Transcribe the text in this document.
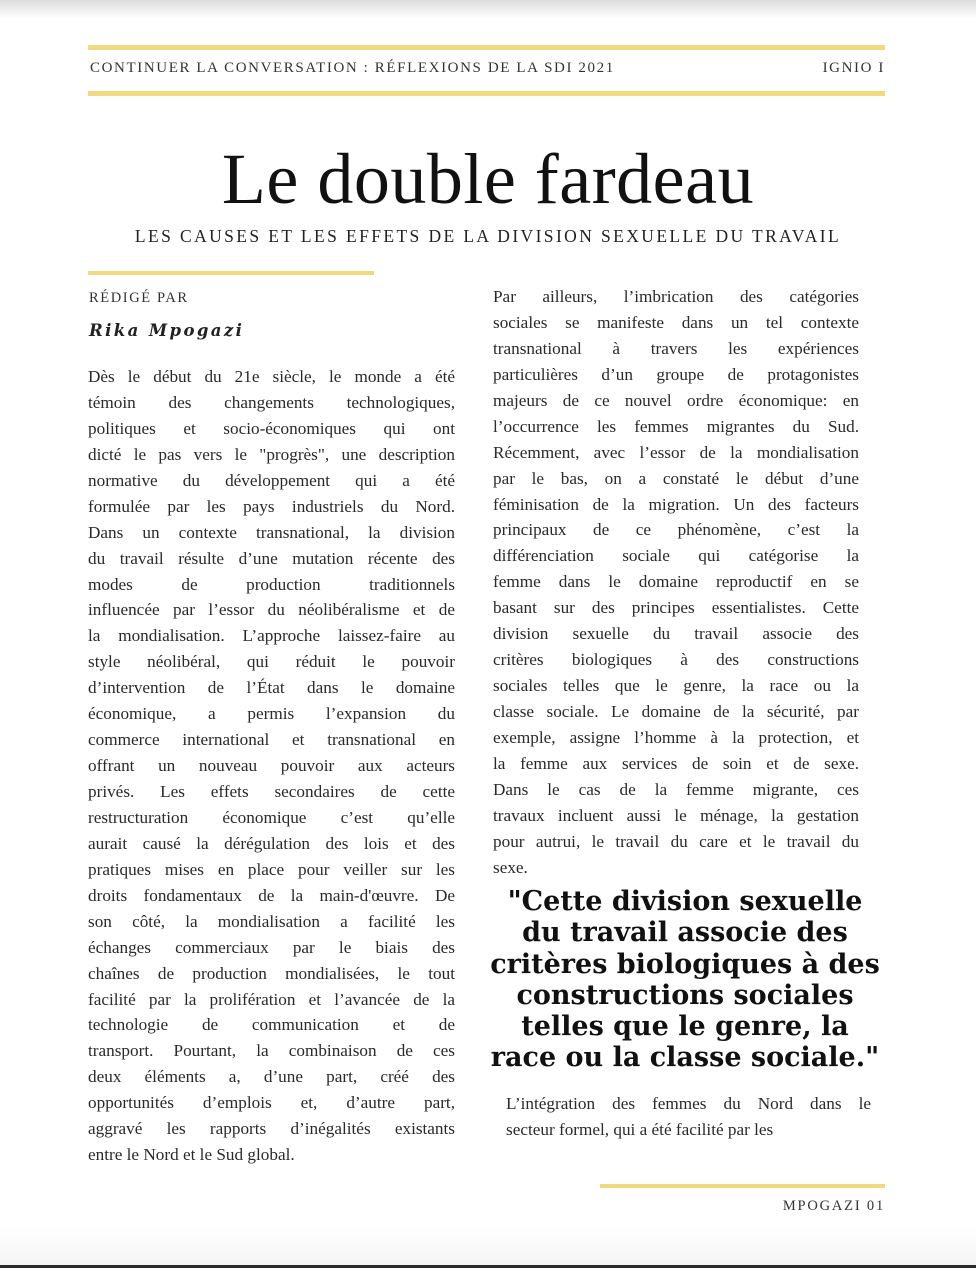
CONTINUER LA CONVERSATION : RÉFLEXIONS DE LA SDI 2021	IGNIO I
Le double fardeau
LES CAUSES ET LES EFFETS DE LA DIVISION SEXUELLE DU TRAVAIL
RÉDIGÉ PAR
Rika Mpogazi
Dès le début du 21e siècle, le monde a été
témoin des changements technologiques,
politiques et socio-économiques qui ont
dicté le pas vers le "progrès", une description
normative du développement qui a été
formulée par les pays industriels du Nord.
Dans un contexte transnational, la division
du travail résulte d’une mutation récente des
modes de production traditionnels
influencée par l’essor du néolibéralisme et de
la mondialisation. L’approche laissez-faire au
style néolibéral, qui réduit le pouvoir
d’intervention de l’État dans le domaine
économique, a permis l’expansion du
commerce international et transnational en
offrant un nouveau pouvoir aux acteurs
privés. Les effets secondaires de cette
restructuration économique c’est qu’elle
aurait causé la dérégulation des lois et des
pratiques mises en place pour veiller sur les
droits fondamentaux de la main-d'œuvre. De
son côté, la mondialisation a facilité les
échanges commerciaux par le biais des
chaînes de production mondialisées, le tout
facilité par la prolifération et l’avancée de la
technologie de communication et de
transport. Pourtant, la combinaison de ces
deux éléments a, d’une part, créé des
opportunités d’emplois et, d’autre part,
aggravé les rapports d’inégalités existants
entre le Nord et le Sud global.
Par ailleurs, l’imbrication des catégories
sociales se manifeste dans un tel contexte
transnational à travers les expériences
particulières d’un groupe de protagonistes
majeurs de ce nouvel ordre économique: en
l’occurrence les femmes migrantes du Sud.
Récemment, avec l’essor de la mondialisation
par le bas, on a constaté le début d’une
féminisation de la migration. Un des facteurs
principaux de ce phénomène, c’est la
différenciation sociale qui catégorise la
femme dans le domaine reproductif en se
basant sur des principes essentialistes. Cette
division sexuelle du travail associe des
critères biologiques à des constructions
sociales telles que le genre, la race ou la
classe sociale. Le domaine de la sécurité, par
exemple, assigne l’homme à la protection, et
la femme aux services de soin et de sexe.
Dans le cas de la femme migrante, ces
travaux incluent aussi le ménage, la gestation
pour autrui, le travail du care et le travail du
sexe.
"Cette division sexuelle
du travail associe des
critères biologiques à des
constructions sociales
telles que le genre, la
race ou la classe sociale."
L’intégration des femmes du Nord dans le
secteur formel, qui a été facilité par les
MPOGAZI 01
